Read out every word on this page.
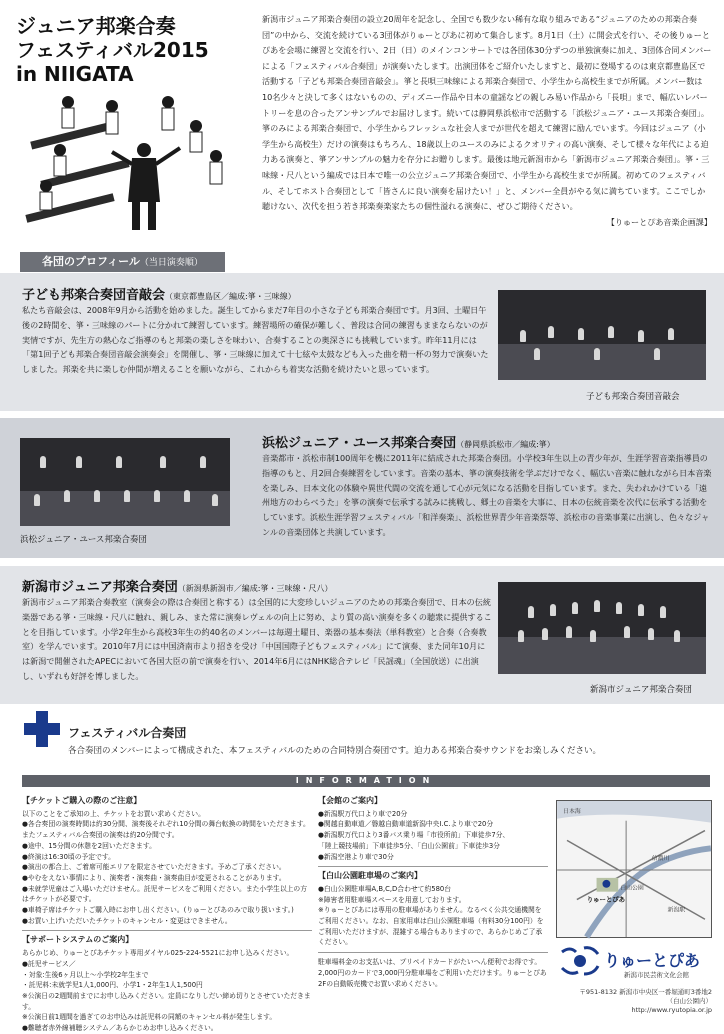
ジュニア邦楽合奏
フェスティバル2015
in NIIGATA
新潟市ジュニア邦楽合奏団の設立20周年を記念し、全国でも数少ない稀有な取り組みである“ジュニアのための邦楽合奏団”の中から、交流を続けている3団体がりゅーとぴあに初めて集合します。8月1日（土）に開会式を行い、その後りゅーとぴあを会場に練習と交流を行い、2日（日）のメインコンサートでは各団体30分ずつの単独演奏に加え、3団体合同メンバーによる「フェスティバル合奏団」が演奏いたします。出演団体をご紹介いたしますと、最初に登場するのは東京都豊島区で活動する「子ども邦楽合奏団音敲会」。箏と長唄三味線による邦楽合奏団で、小学生から高校生までが所属。メンバー数は10名少々と決して多くはないものの、ディズニー作品や日本の童謡などの親しみ易い作品から「長唄」まで、幅広いレパートリーを息の合ったアンサンブルでお届けします。続いては静岡県浜松市で活動する「浜松ジュニア・ユース邦楽合奏団」。箏のみによる邦楽合奏団で、小学生からフレッシュな社会人までが世代を超えて練習に励んでいます。今回はジュニア（小学生から高校生）だけの演奏はもちろん、18歳以上のユースのみによるクオリティの高い演奏、そして様々な年代による迫力ある演奏と、箏アンサンブルの魅力を存分にお贈りします。最後は地元新潟市から「新潟市ジュニア邦楽合奏団」。箏・三味線・尺八という編成では日本で唯一の公立ジュニア邦楽合奏団で、小学生から高校生までが所属。初めてのフェスティバル、そしてホスト合奏団として「皆さんに良い演奏を届けたい！」と、メンバー全員がやる気に満ちています。ここでしか聴けない、次代を担う若き邦楽奏楽家たちの個性溢れる演奏に、ぜひご期待ください。
【りゅーとぴあ音楽企画課】
各団のプロフィール（当日演奏順）
子ども邦楽合奏団音敲会（東京都豊島区／編成:箏・三味線）
私たち音敲会は、2008年9月から活動を始めました。誕生してからまだ7年目の小さな子ども邦楽合奏団です。月3回、土曜日午後の2時間を、箏・三味線のパートに分かれて練習しています。練習場所の確保が難しく、普段は合同の練習もままならないのが実情ですが、先生方の熱心なご指導のもと邦楽の楽しさを味わい、合奏することの奥深さにも挑戦しています。昨年11月には「第1回子ども邦楽合奏団音敲会演奏会」を開催し、箏・三味線に加えて十七絃や太鼓なども入った曲を精一杯の努力で演奏いたしました。邦楽を共に楽しむ仲間が増えることを願いながら、これからも着実な活動を続けたいと思っています。
子ども邦楽合奏団音敲会
浜松ジュニア・ユース邦楽合奏団
浜松ジュニア・ユース邦楽合奏団（静岡県浜松市／編成:箏）
音楽都市・浜松市制100周年を機に2011年に結成された邦楽合奏団。小学校3年生以上の青少年が、生涯学習音楽指導員の指導のもと、月2回合奏練習をしています。音楽の基本、箏の演奏技術を学ぶだけでなく、幅広い音楽に触れながら日本音楽を楽しみ、日本文化の体験や異世代間の交流を通して心が元気になる活動を目指しています。また、失われかけている「遠州地方のわらべうた」を箏の演奏で伝承する試みに挑戦し、郷土の音楽を大事に、日本の伝統音楽を次代に伝承する活動をしています。浜松生涯学習フェスティバル「和洋奏楽」、浜松世界青少年音楽祭等、浜松市の音楽事業に出演し、色々なジャンルの音楽団体と共演しています。
新潟市ジュニア邦楽合奏団（新潟県新潟市／編成:箏・三味線・尺八）
新潟市ジュニア邦楽合奏教室（演奏会の際は合奏団と称する）は全国的に大変珍しいジュニアのための邦楽合奏団で、日本の伝統楽器である箏・三味線・尺八に触れ、親しみ、また常に演奏レヴェルの向上に努め、より質の高い演奏を多くの聴衆に提供することを目指しています。小学2年生から高校3年生の約40名のメンバーは毎週土曜日、楽器の基本奏法（単科教室）と合奏（合奏教室）を学んでいます。2010年7月には中国済南市より招きを受け「中国国際子どもフェスティバル」にて演奏、また同年10月には新潟で開催されたAPECにおいて各国大臣の前で演奏を行い、2014年6月にはNHK総合テレビ「民謡魂」（全国放送）に出演し、いずれも好評を博しました。
新潟市ジュニア邦楽合奏団
フェスティバル合奏団
各合奏団のメンバーによって構成された、本フェスティバルのための合同特別合奏団です。迫力ある邦楽合奏サウンドをお楽しみください。
INFORMATION
【チケットご購入の際のご注意】
以下のことをご承知の上、チケットをお買い求めください。
●各合奏団の演奏時間は約30分間、演奏後それぞれ10分間の舞台転換の時間をいただきます。またフェスティバル合奏団の演奏は約20分間です。
●途中、15分間の休憩を2回いただきます。
●終演は16:30頃の予定です。
●演出の都合上、ご着席可能エリアを限定させていただきます。予めご了承ください。
●やむをえない事情により、演奏者・演奏曲・演奏曲目が変更されることがあります。
●未就学児童はご入場いただけません。託児サービスをご利用ください。また小学生以上の方はチケットが必要です。
●車椅子席はチケットご購入時にお申し出ください。(りゅーとぴあのみで取り扱います。)
●お買い上げいただいたチケットのキャンセル・変更はできません。
【サポートシステムのご案内】
あらかじめ、りゅーとぴあチケット専用ダイヤル025-224-5521にお申し込みください。
●託児サービス／
・対象:生後6ヶ月以上～小学校2年生まで
・託児料:未就学児1人1,000円、小学1・2年生1人1,500円
※公演日の2週間前までにお申し込みください。定員になりしだい締め切りとさせていただきます。
※公演日前1週間を過ぎてのお申込みは託児料の同額のキャンセル料が発生します。
●難聴者赤外線補聴システム／あらかじめお申し込みください。
【会館のご案内】
●新潟駅万代口より車で20分
●関越自動車道／磐越自動車道新潟中央I.C.より車で20分
●新潟駅万代口より3番バス乗り場「市役所前」下車徒歩7分、
「陸上競技場前」下車徒歩5分、「白山公園前」下車徒歩3分
●新潟空港より車で30分
【白山公園駐車場のご案内】
●白山公園駐車場A,B,C,D合わせて約580台
※障害者用駐車場スペースを用意しております。
※りゅーとぴあには専用の駐車場がありません。なるべく公共交通機関をご利用ください。なお、自家用車は白山公園駐車場（有料30分100円）をご利用いただけますが、混雑する場合もありますので、あらかじめご了承ください。
駐車場料金のお支払いは、プリペイドカードがたいへん便利でお得です。2,000円のカードで3,000円分駐車場をご利用いただけます。りゅーとぴあ2Fの自動販売機でお買い求めください。
日本海
りゅーとぴあ
白山公園
新潟駅
信濃川
りゅーとぴあ
新潟市民芸術文化会館
〒951-8132 新潟市中央区一番堀通町3番地2
（白山公園内）
http://www.ryutopia.or.jp
